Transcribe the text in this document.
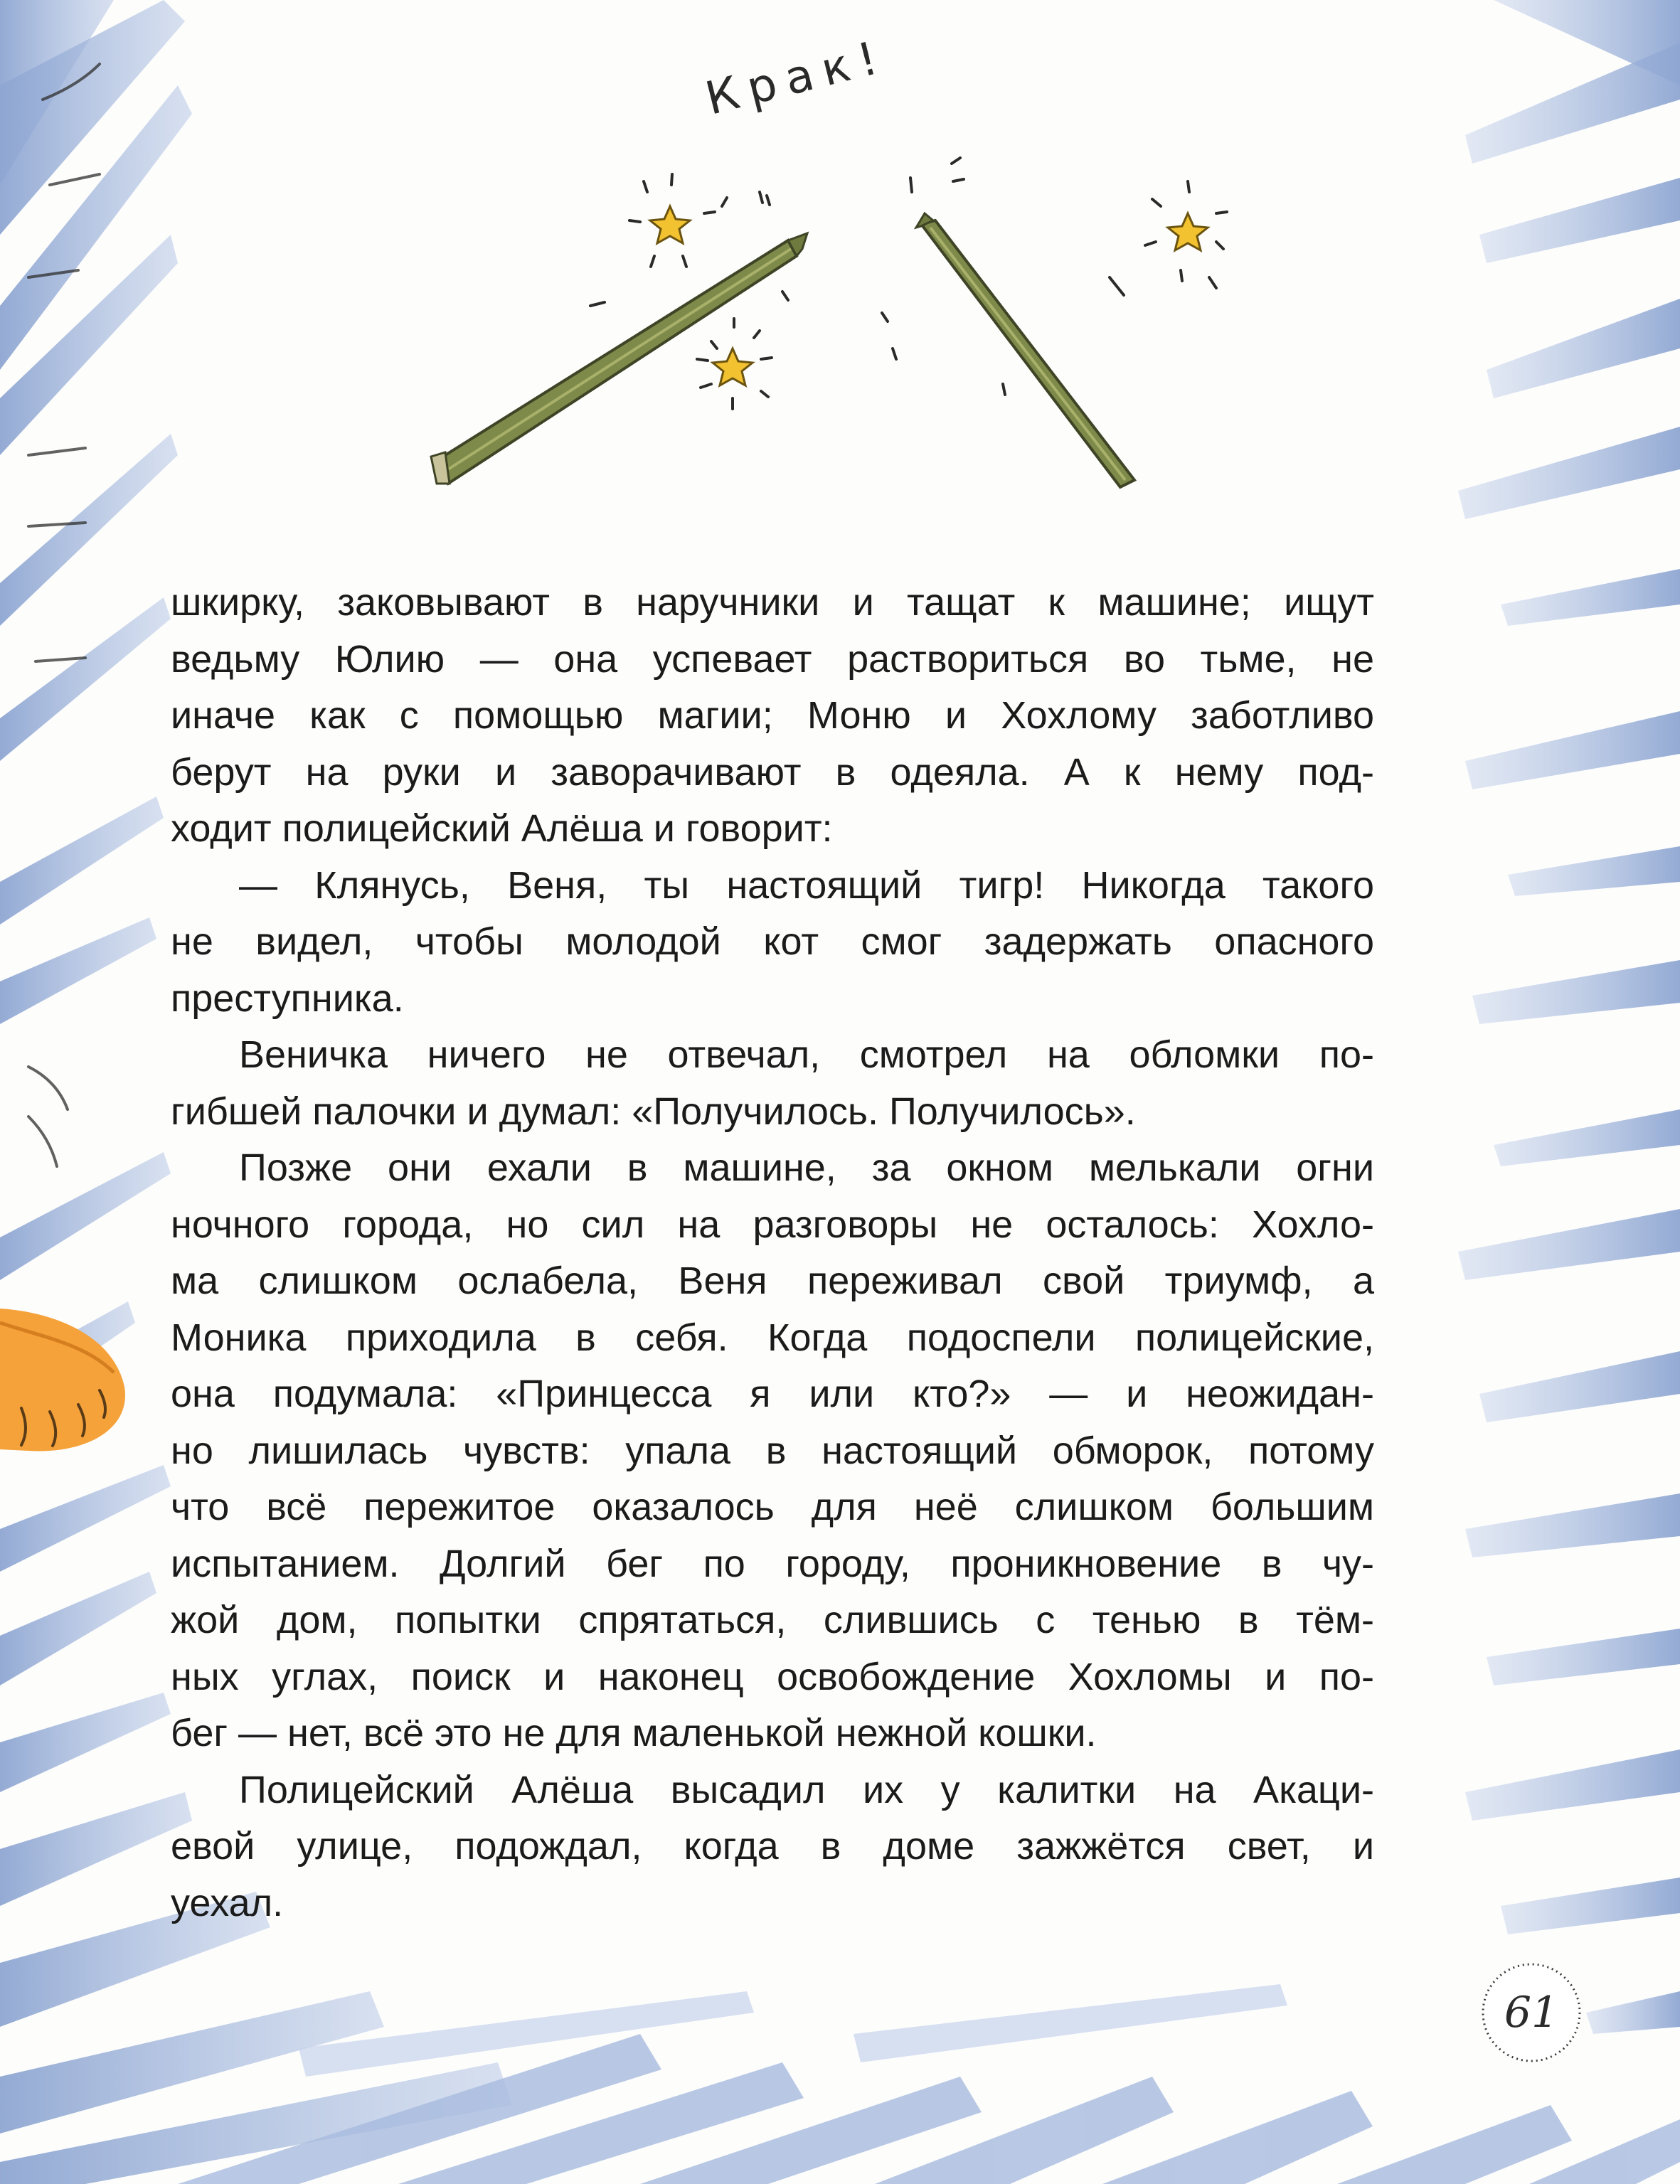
Крак!

шкирку, заковывают в наручники и тащат к машине; ищут

ведьму Юлию — она успевает раствориться во тьме, не

иначе как с помощью магии; Моню и Хохлому заботливо

берут на руки и заворачивают в одеяла. А к нему под-

ходит полицейский Алёша и говорит:

— Клянусь, Веня, ты настоящий тигр! Никогда такого

не видел, чтобы молодой кот смог задержать опасного

преступника.

Веничка ничего не отвечал, смотрел на обломки по-

гибшей палочки и думал: «Получилось. Получилось».

Позже они ехали в машине, за окном мелькали огни

ночного города, но сил на разговоры не осталось: Хохло-

ма слишком ослабела, Веня переживал свой триумф, а

Моника приходила в себя. Когда подоспели полицейские,

она подумала: «Принцесса я или кто?» — и неожидан-

но лишилась чувств: упала в настоящий обморок, потому

что всё пережитое оказалось для неё слишком большим

испытанием. Долгий бег по городу, проникновение в чу-

жой дом, попытки спрятаться, слившись с тенью в тём-

ных углах, поиск и наконец освобождение Хохломы и по-

бег — нет, всё это не для маленькой нежной кошки.

Полицейский Алёша высадил их у калитки на Акаци-

евой улице, подождал, когда в доме зажжётся свет, и

уехал.

61
